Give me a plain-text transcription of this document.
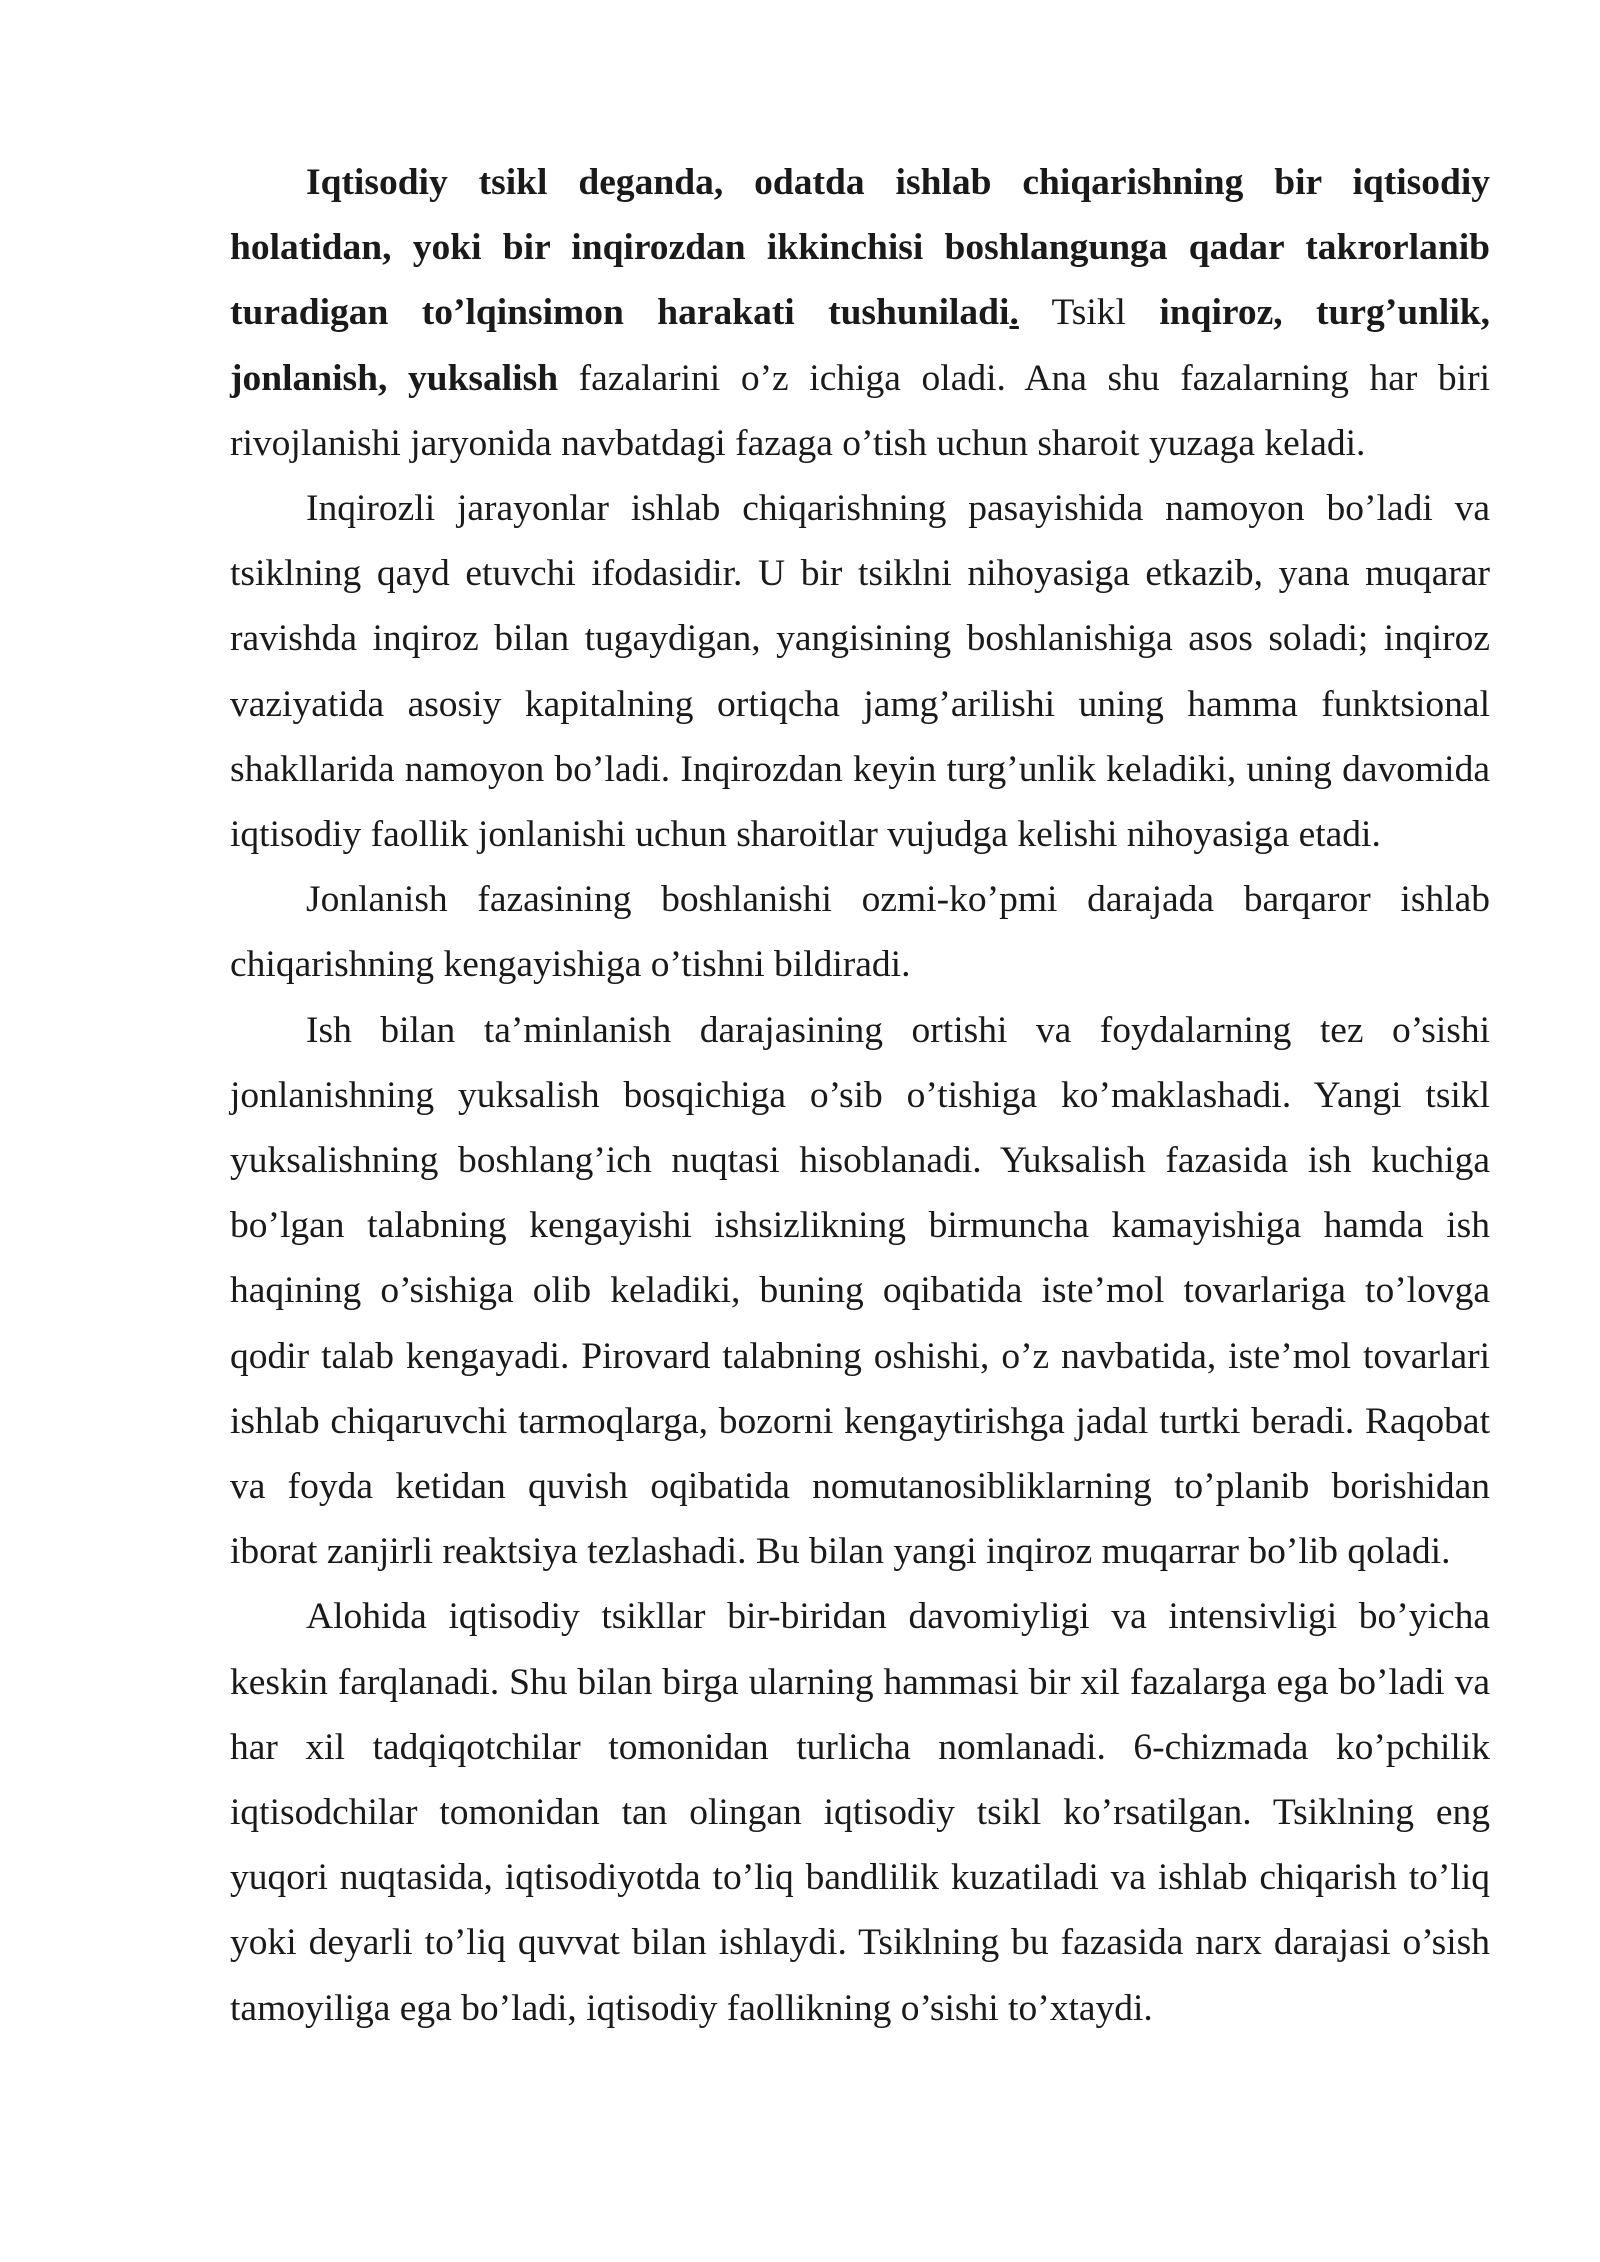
Iqtisodiy tsikl deganda, odatda ishlab chiqarishning bir iqtisodiy holatidan, yoki bir inqirozdan ikkinchisi boshlangunga qadar takrorlanib turadigan to’lqinsimon harakati tushuniladi. Tsikl inqiroz, turg’unlik, jonlanish, yuksalish fazalarini o’z ichiga oladi. Ana shu fazalarning har biri rivojlanishi jaryonida navbatdagi fazaga o’tish uchun sharoit yuzaga keladi.

Inqirozli jarayonlar ishlab chiqarishning pasayishida namoyon bo’ladi va tsiklning qayd etuvchi ifodasidir. U bir tsiklni nihoyasiga etkazib, yana muqarar ravishda inqiroz bilan tugaydigan, yangisining boshlanishiga asos soladi; inqiroz vaziyatida asosiy kapitalning ortiqcha jamg’arilishi uning hamma funktsional shakllarida namoyon bo’ladi. Inqirozdan keyin turg’unlik keladiki, uning davomida iqtisodiy faollik jonlanishi uchun sharoitlar vujudga kelishi nihoyasiga etadi.

Jonlanish fazasining boshlanishi ozmi-ko’pmi darajada barqaror ishlab chiqarishning kengayishiga o’tishni bildiradi.

Ish bilan ta’minlanish darajasining ortishi va foydalarning tez o’sishi jonlanishning yuksalish bosqichiga o’sib o’tishiga ko’maklashadi. Yangi tsikl yuksalishning boshlang’ich nuqtasi hisoblanadi. Yuksalish fazasida ish kuchiga bo’lgan talabning kengayishi ishsizlikning birmuncha kamayishiga hamda ish haqining o’sishiga olib keladiki, buning oqibatida iste’mol tovarlariga to’lovga qodir talab kengayadi. Pirovard talabning oshishi, o’z navbatida, iste’mol tovarlari ishlab chiqaruvchi tarmoqlarga, bozorni kengaytirishga jadal turtki beradi. Raqobat va foyda ketidan quvish oqibatida nomutanosibliklarning to’planib borishidan iborat zanjirli reaktsiya tezlashadi. Bu bilan yangi inqiroz muqarrar bo’lib qoladi.

Alohida iqtisodiy tsikllar bir-biridan davomiyligi va intensivligi bo’yicha keskin farqlanadi. Shu bilan birga ularning hammasi bir xil fazalarga ega bo’ladi va har xil tadqiqotchilar tomonidan turlicha nomlanadi. 6-chizmada ko’pchilik iqtisodchilar tomonidan tan olingan iqtisodiy tsikl ko’rsatilgan. Tsiklning eng yuqori nuqtasida, iqtisodiyotda to’liq bandlilik kuzatiladi va ishlab chiqarish to’liq yoki deyarli to’liq quvvat bilan ishlaydi. Tsiklning bu fazasida narx darajasi o’sish tamoyiliga ega bo’ladi, iqtisodiy faollikning o’sishi to’xtaydi.
